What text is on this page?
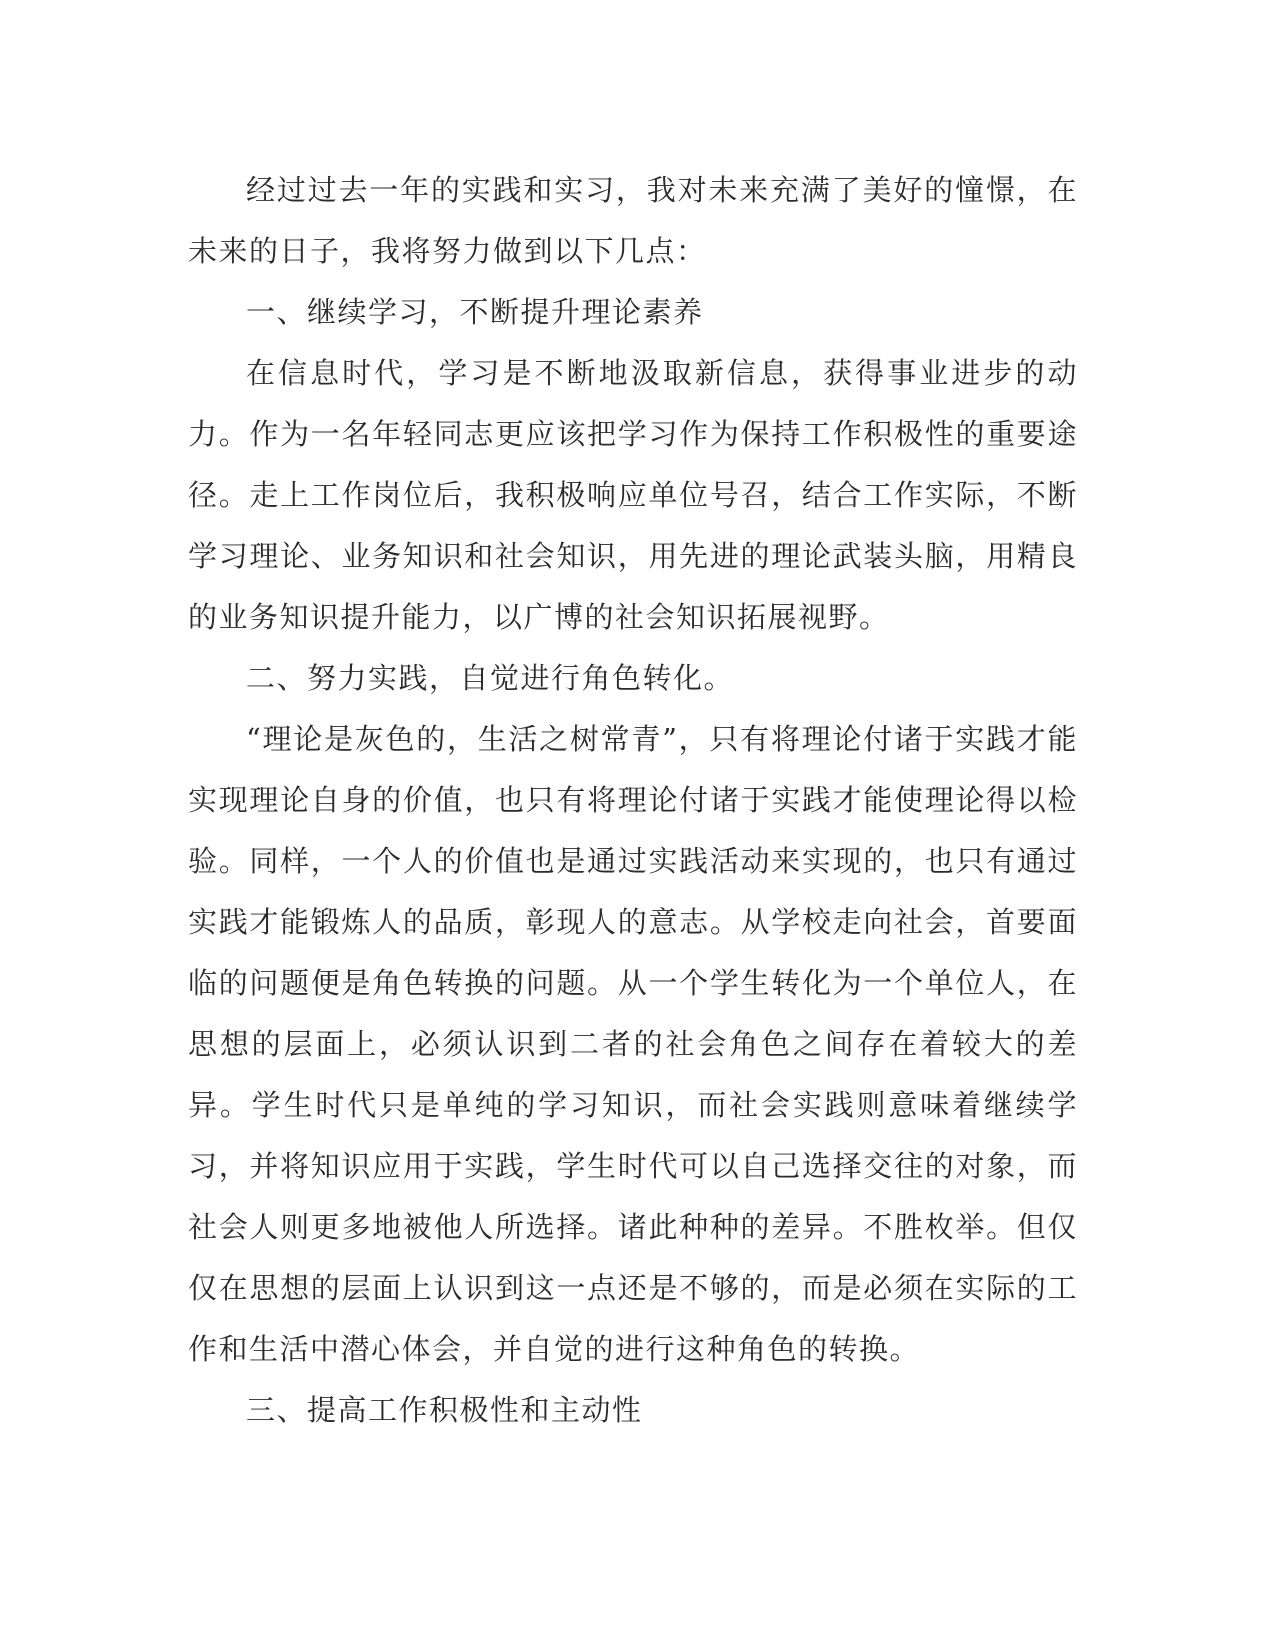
经过过去一年的实践和实习，我对未来充满了美好的憧憬，在未来的日子，我将努力做到以下几点：

一、继续学习，不断提升理论素养

在信息时代，学习是不断地汲取新信息，获得事业进步的动力。作为一名年轻同志更应该把学习作为保持工作积极性的重要途径。走上工作岗位后，我积极响应单位号召，结合工作实际，不断学习理论、业务知识和社会知识，用先进的理论武装头脑，用精良的业务知识提升能力，以广博的社会知识拓展视野。

二、努力实践，自觉进行角色转化。

“理论是灰色的，生活之树常青”，只有将理论付诸于实践才能实现理论自身的价值，也只有将理论付诸于实践才能使理论得以检验。同样，一个人的价值也是通过实践活动来实现的，也只有通过实践才能锻炼人的品质，彰现人的意志。从学校走向社会，首要面临的问题便是角色转换的问题。从一个学生转化为一个单位人，在思想的层面上，必须认识到二者的社会角色之间存在着较大的差异。学生时代只是单纯的学习知识，而社会实践则意味着继续学习，并将知识应用于实践，学生时代可以自己选择交往的对象，而社会人则更多地被他人所选择。诸此种种的差异。不胜枚举。但仅仅在思想的层面上认识到这一点还是不够的，而是必须在实际的工作和生活中潜心体会，并自觉的进行这种角色的转换。

三、提高工作积极性和主动性
